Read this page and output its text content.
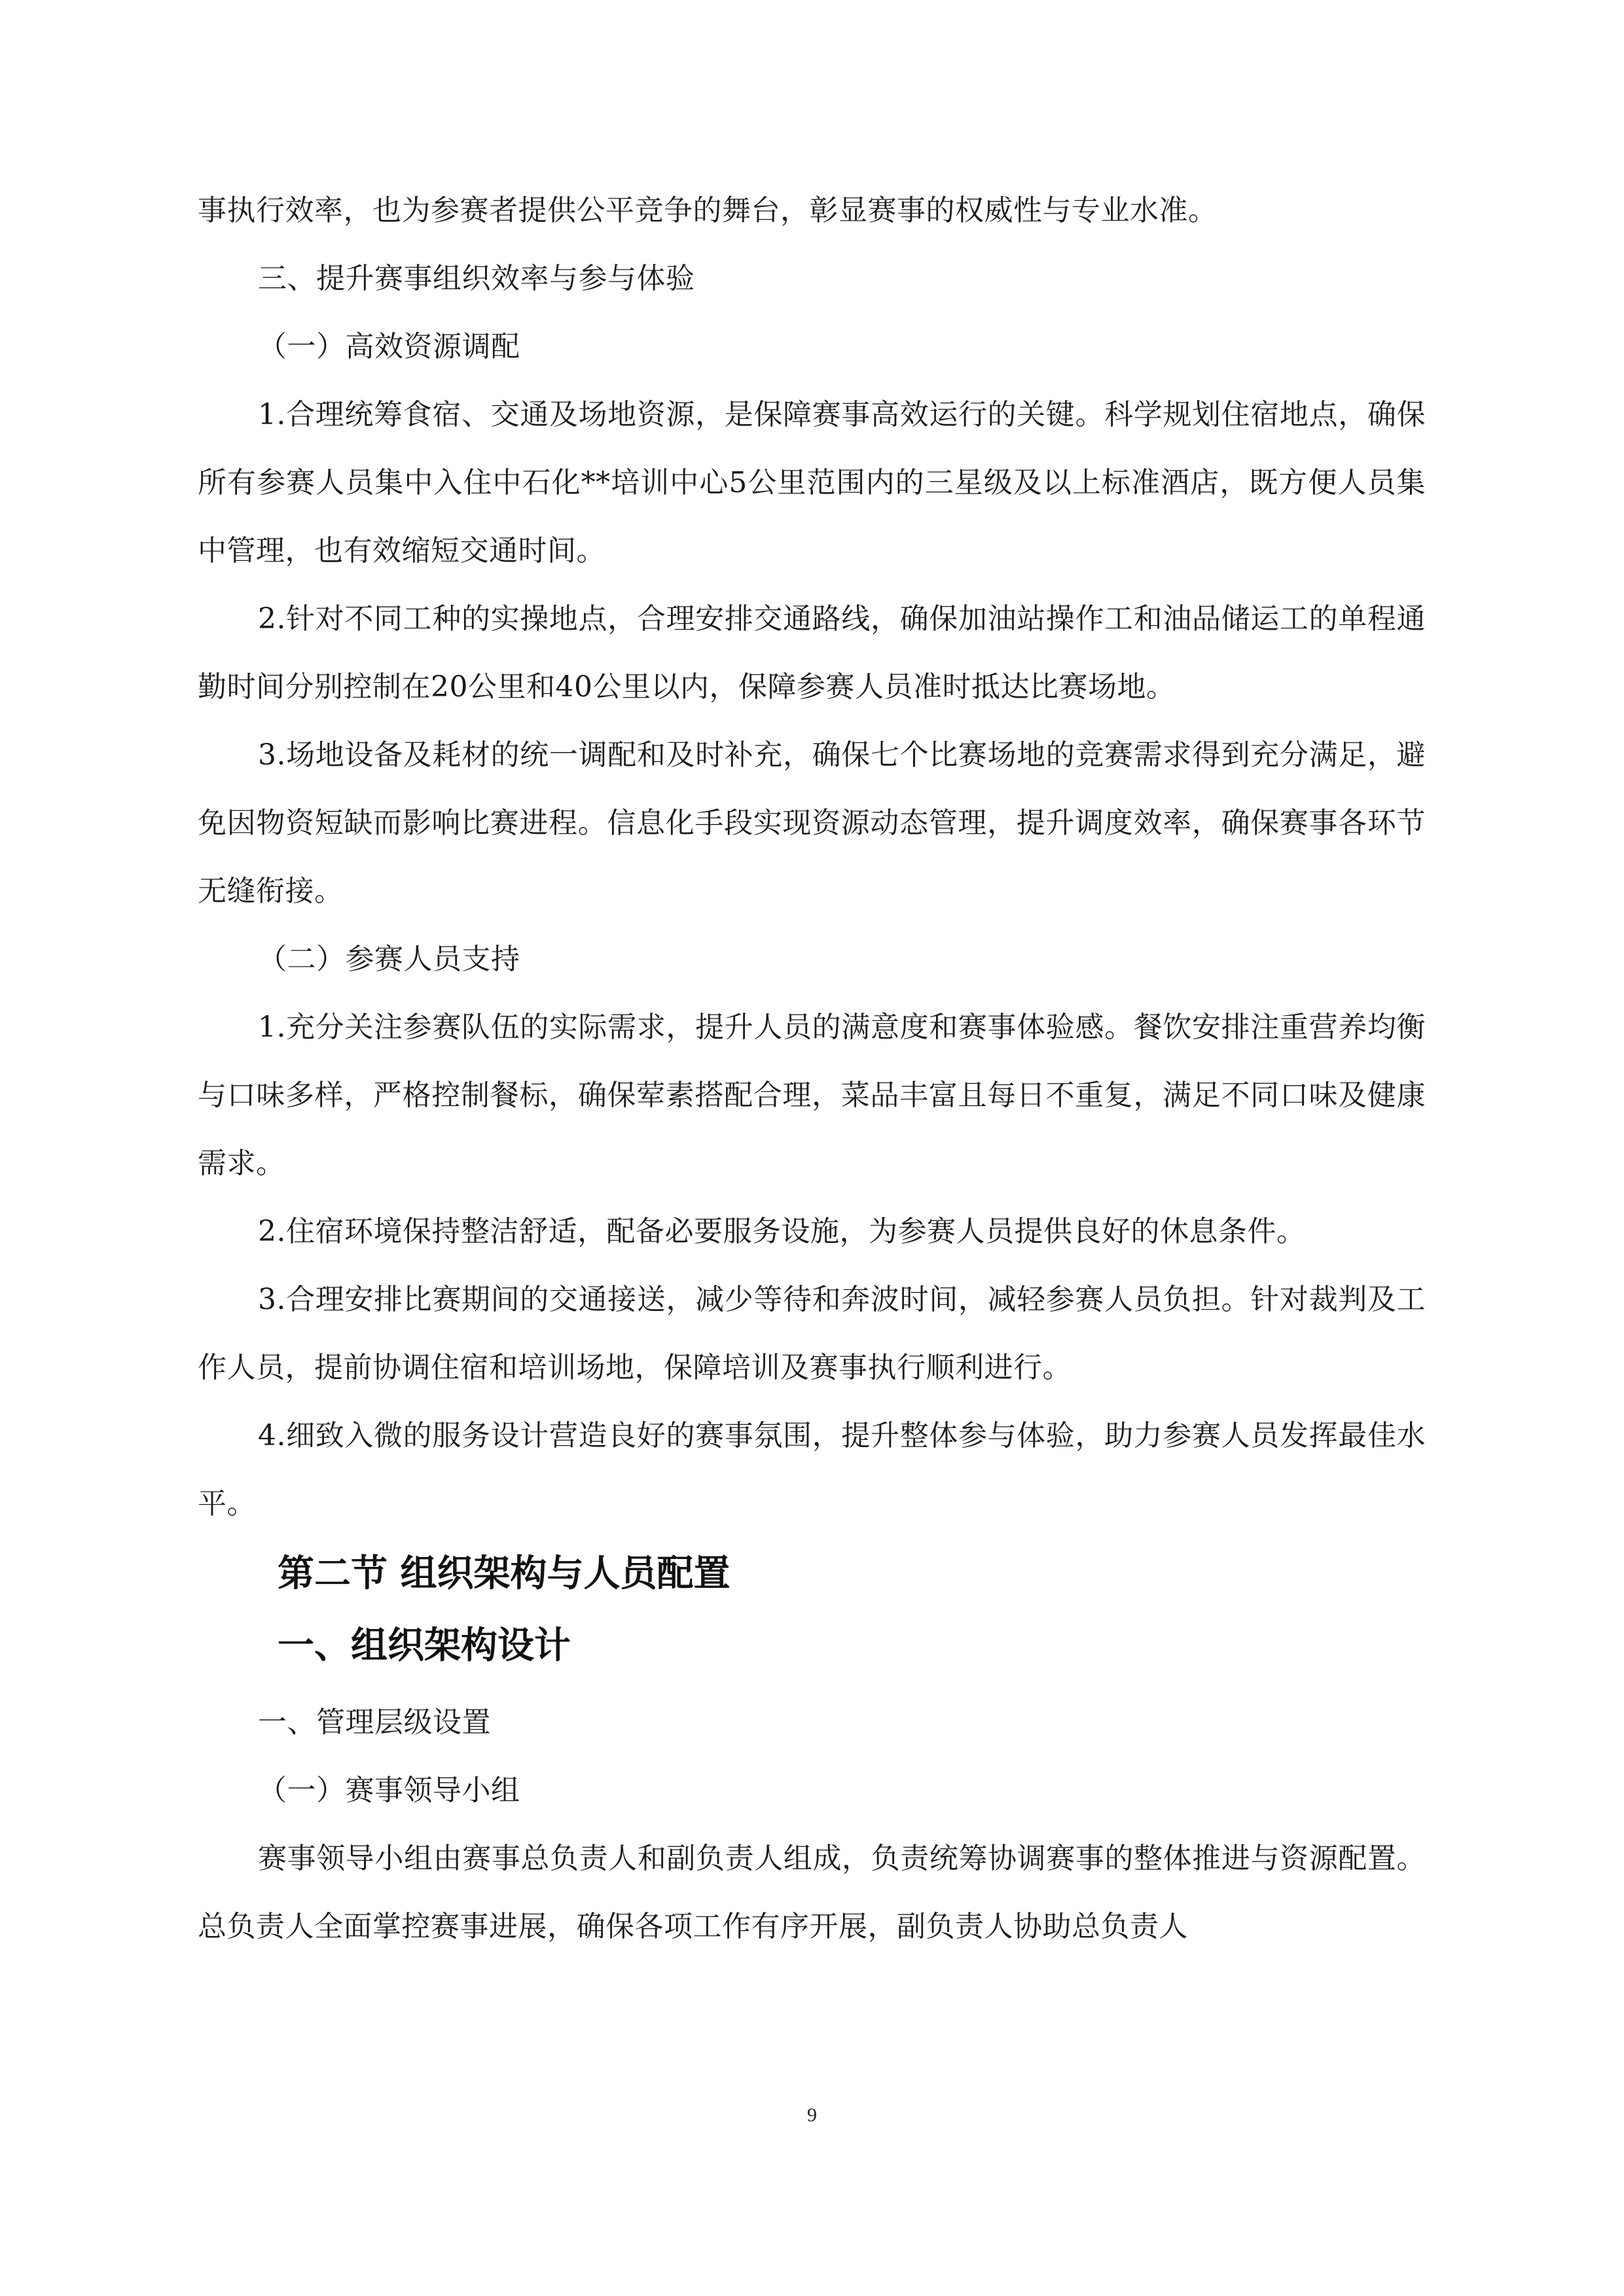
事执行效率，也为参赛者提供公平竞争的舞台，彰显赛事的权威性与专业水准。

三、提升赛事组织效率与参与体验

（一）高效资源调配

1.合理统筹食宿、交通及场地资源，是保障赛事高效运行的关键。科学规划住宿地点，确保所有参赛人员集中入住中石化**培训中心5公里范围内的三星级及以上标准酒店，既方便人员集中管理，也有效缩短交通时间。

2.针对不同工种的实操地点，合理安排交通路线，确保加油站操作工和油品储运工的单程通勤时间分别控制在20公里和40公里以内，保障参赛人员准时抵达比赛场地。

3.场地设备及耗材的统一调配和及时补充，确保七个比赛场地的竞赛需求得到充分满足，避免因物资短缺而影响比赛进程。信息化手段实现资源动态管理，提升调度效率，确保赛事各环节无缝衔接。

（二）参赛人员支持

1.充分关注参赛队伍的实际需求，提升人员的满意度和赛事体验感。餐饮安排注重营养均衡与口味多样，严格控制餐标，确保荤素搭配合理，菜品丰富且每日不重复，满足不同口味及健康需求。

2.住宿环境保持整洁舒适，配备必要服务设施，为参赛人员提供良好的休息条件。

3.合理安排比赛期间的交通接送，减少等待和奔波时间，减轻参赛人员负担。针对裁判及工作人员，提前协调住宿和培训场地，保障培训及赛事执行顺利进行。

4.细致入微的服务设计营造良好的赛事氛围，提升整体参与体验，助力参赛人员发挥最佳水平。

第二节 组织架构与人员配置
一、组织架构设计

一、管理层级设置

（一）赛事领导小组

赛事领导小组由赛事总负责人和副负责人组成，负责统筹协调赛事的整体推进与资源配置。总负责人全面掌控赛事进展，确保各项工作有序开展，副负责人协助总负责人

9
